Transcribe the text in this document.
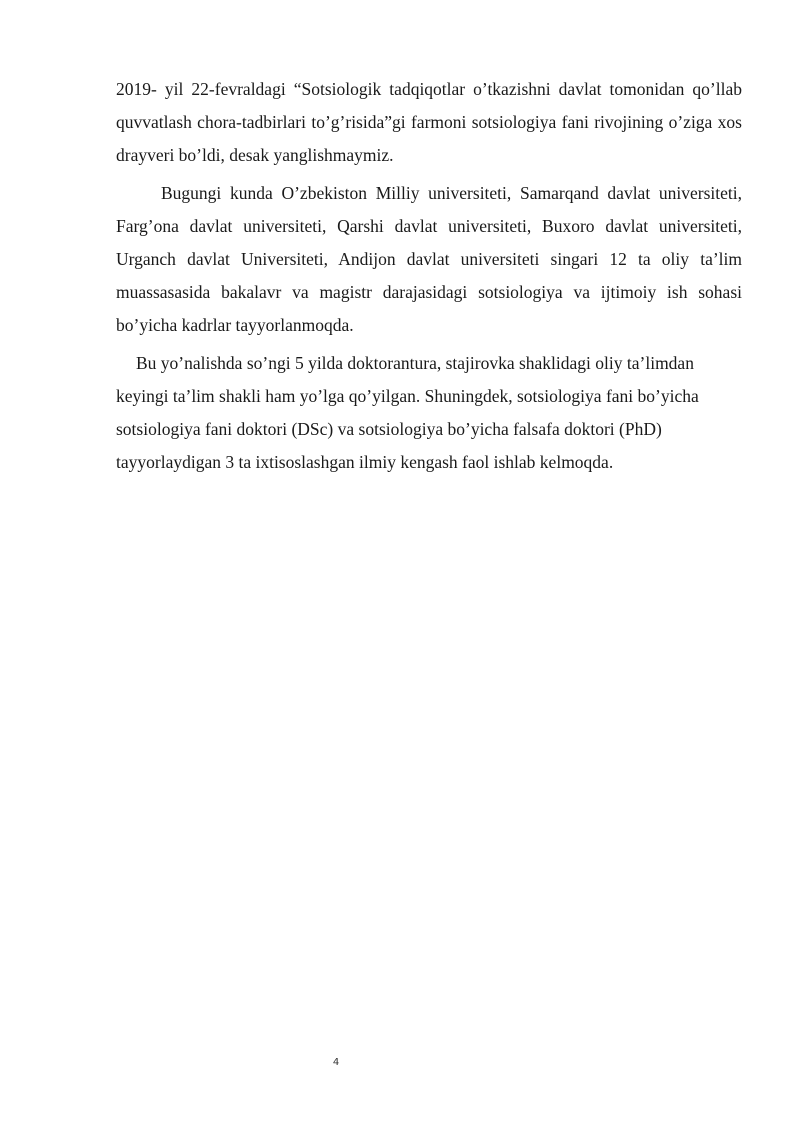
2019- yil 22-fevraldagi “Sotsiologik tadqiqotlar o’tkazishni davlat tomonidan qo’llab quvvatlash chora-tadbirlari to’g’risida”gi farmoni sotsiologiya fani rivojining o’ziga xos drayveri bo’ldi, desak yanglishmaymiz.

Bugungi kunda O’zbekiston Milliy universiteti, Samarqand davlat universiteti, Farg’ona davlat universiteti, Qarshi davlat universiteti, Buxoro davlat universiteti, Urganch davlat Universiteti, Andijon davlat universiteti singari 12 ta oliy ta’lim muassasasida bakalavr va magistr darajasidagi sotsiologiya va ijtimoiy ish sohasi bo’yicha kadrlar tayyorlanmoqda.

Bu yo’nalishda so’ngi 5 yilda doktorantura, stajirovka shaklidagi oliy ta’limdan keyingi ta’lim shakli ham yo’lga qo’yilgan. Shuningdek, sotsiologiya fani bo’yicha sotsiologiya fani doktori (DSc) va sotsiologiya bo’yicha falsafa doktori (PhD) tayyorlaydigan 3 ta ixtisoslashgan ilmiy kengash faol ishlab kelmoqda.

4
